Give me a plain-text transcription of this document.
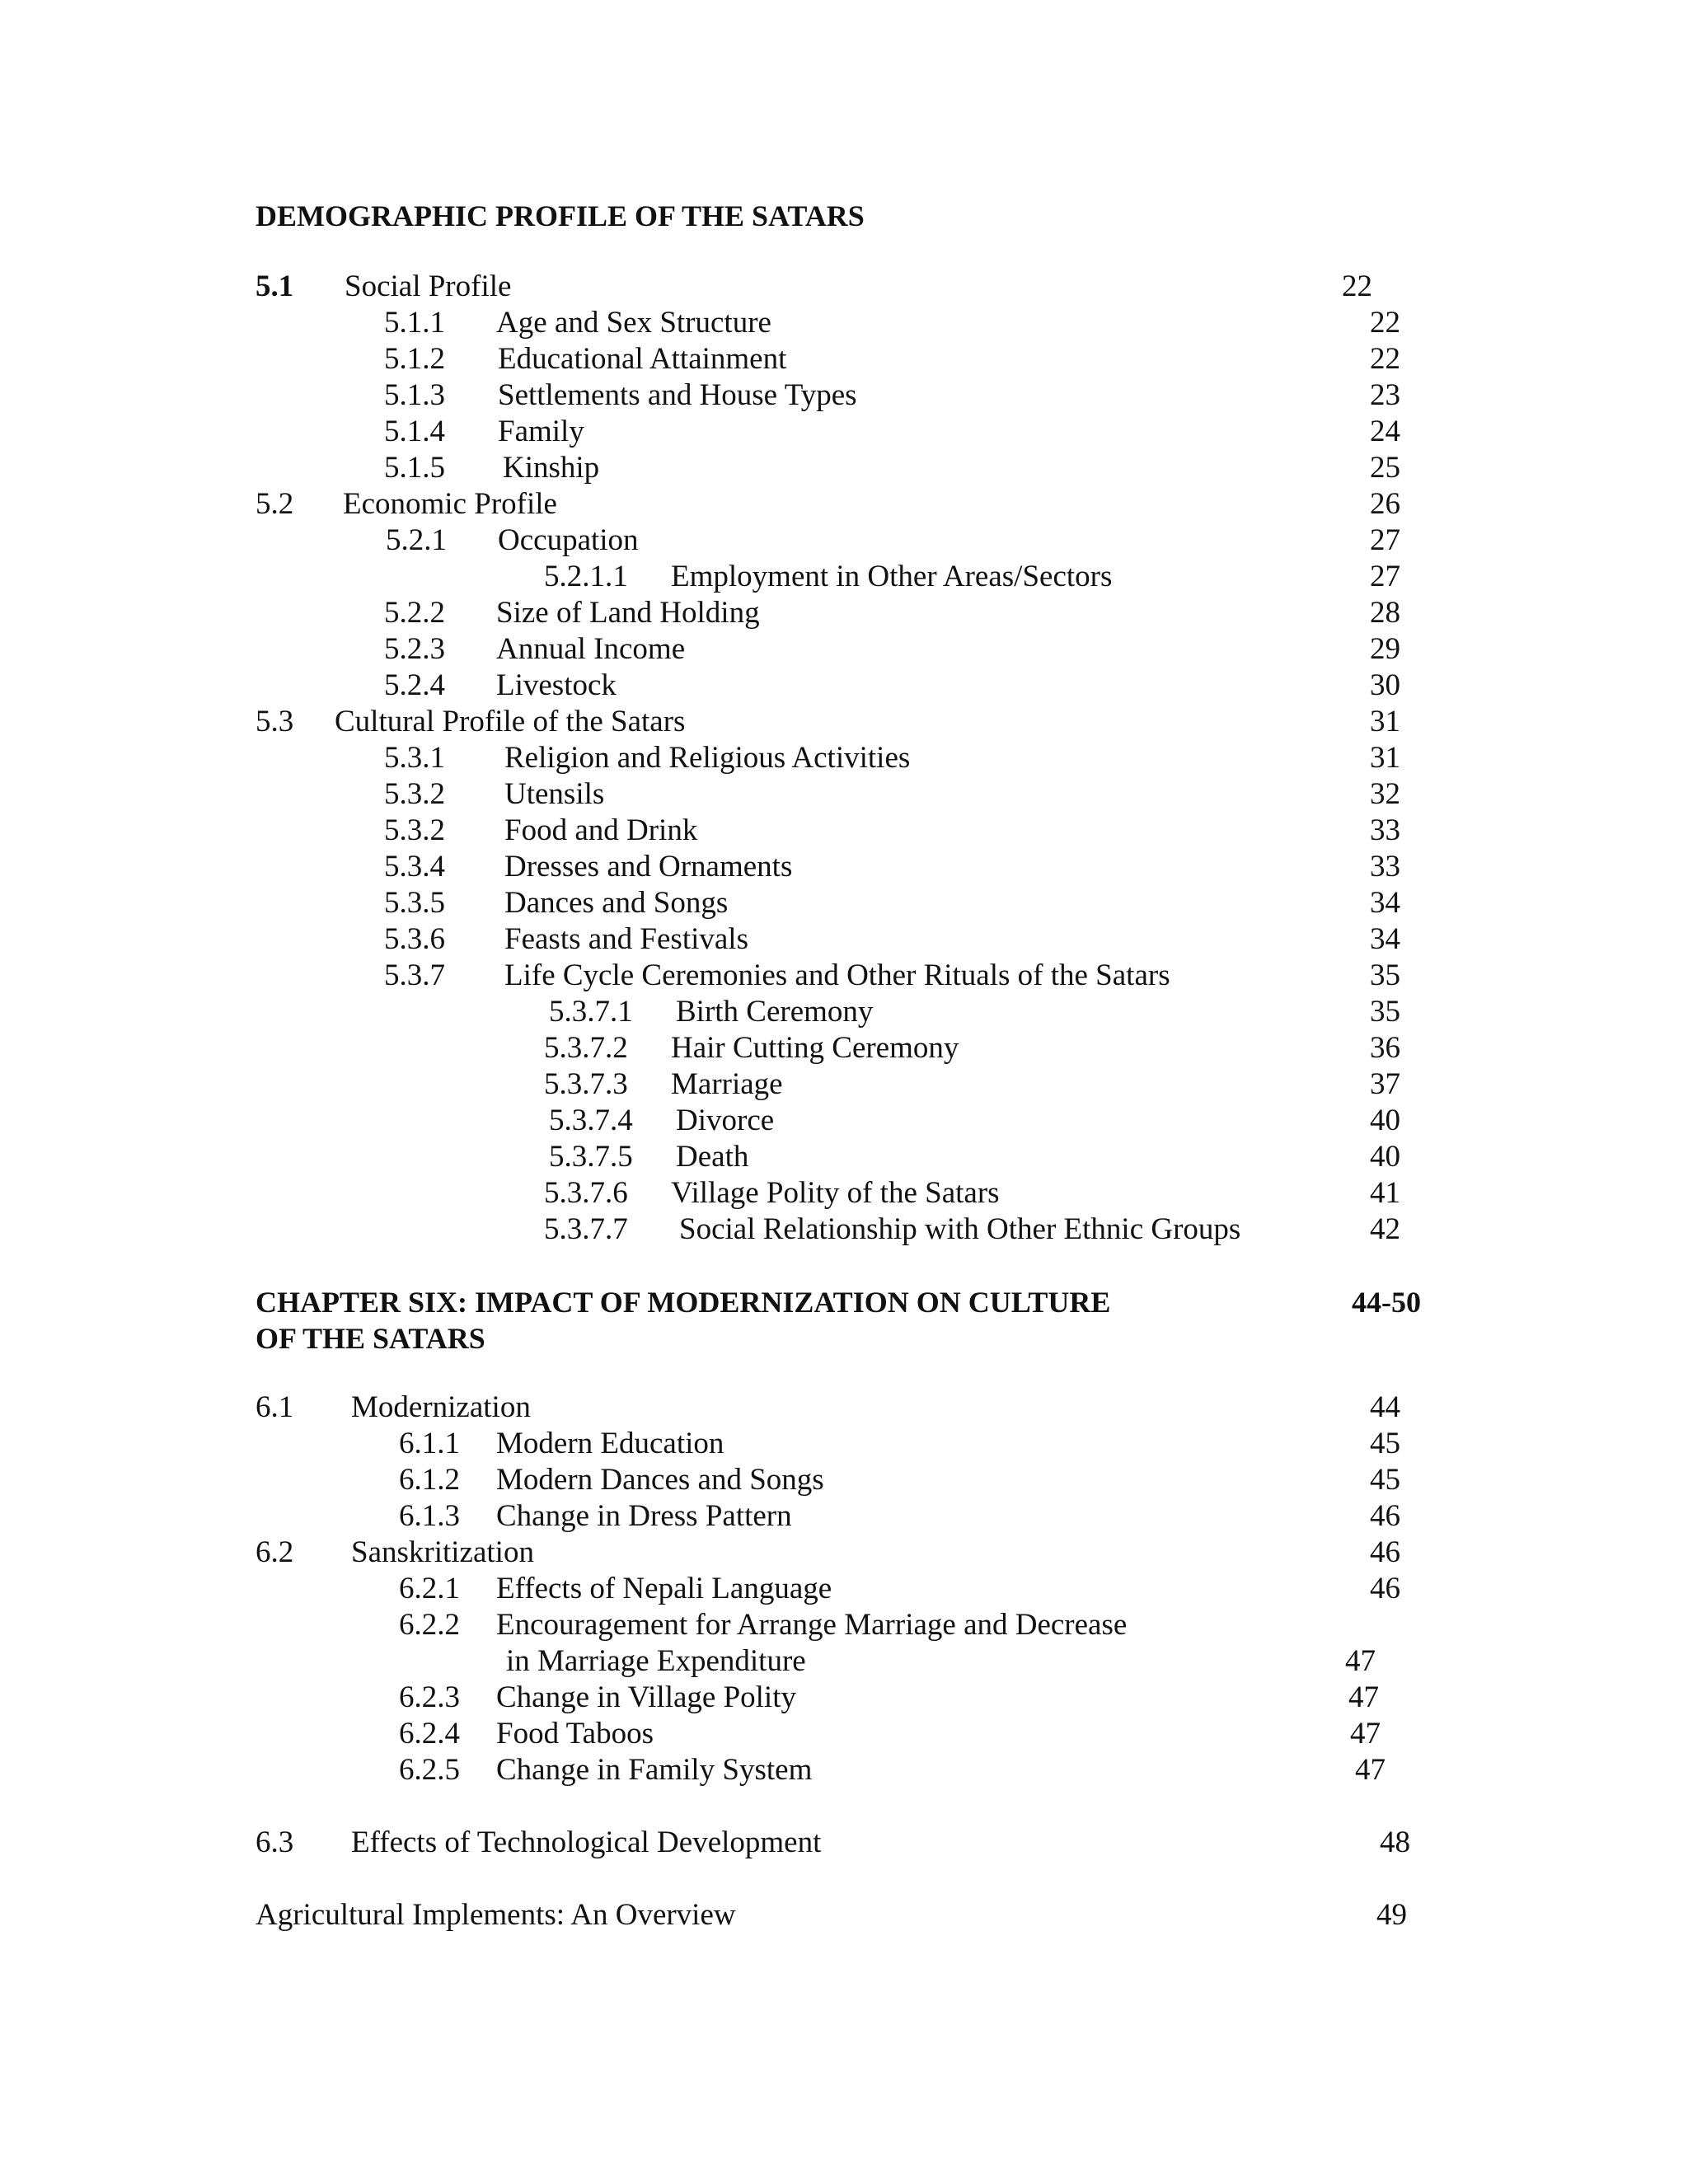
DEMOGRAPHIC PROFILE OF THE SATARS
5.1 Social Profile	22
5.1.1 Age and Sex Structure	22
5.1.2 Educational Attainment	22
5.1.3 Settlements and House Types	23
5.1.4 Family	24
5.1.5 Kinship	25
5.2 Economic Profile	26
5.2.1 Occupation	27
5.2.1.1 Employment in Other Areas/Sectors	27
5.2.2 Size of Land Holding	28
5.2.3 Annual Income	29
5.2.4 Livestock	30
5.3 Cultural Profile of the Satars	31
5.3.1 Religion and Religious Activities	31
5.3.2 Utensils	32
5.3.2 Food and Drink	33
5.3.4 Dresses and Ornaments	33
5.3.5 Dances and Songs	34
5.3.6 Feasts and Festivals	34
5.3.7 Life Cycle Ceremonies and Other Rituals of the Satars	35
5.3.7.1 Birth Ceremony	35
5.3.7.2 Hair Cutting Ceremony	36
5.3.7.3 Marriage	37
5.3.7.4 Divorce	40
5.3.7.5 Death	40
5.3.7.6 Village Polity of the Satars	41
5.3.7.7 Social Relationship with Other Ethnic Groups	42
CHAPTER SIX: IMPACT OF MODERNIZATION ON CULTURE	44-50
OF THE SATARS
6.1 Modernization	44
6.1.1 Modern Education	45
6.1.2 Modern Dances and Songs	45
6.1.3 Change in Dress Pattern	46
6.2 Sanskritization	46
6.2.1 Effects of Nepali Language	46
6.2.2 Encouragement for Arrange Marriage and Decrease
in Marriage Expenditure	47
6.2.3 Change in Village Polity	47
6.2.4 Food Taboos	47
6.2.5 Change in Family System	47
6.3 Effects of Technological Development	48
Agricultural Implements: An Overview	49
